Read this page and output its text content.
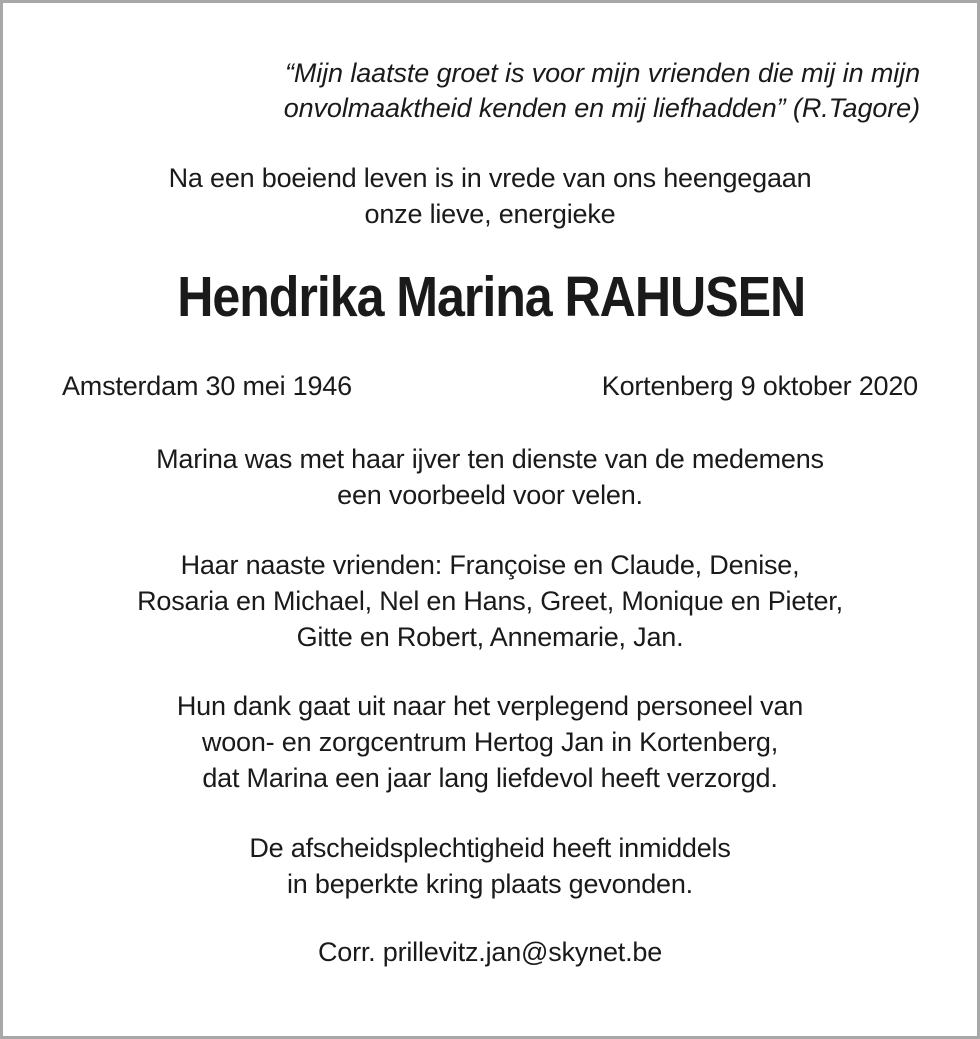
“Mijn laatste groet is voor mijn vrienden die mij in mijn
onvolmaaktheid kenden en mij liefhadden” (R.Tagore)
Na een boeiend leven is in vrede van ons heengegaan
onze lieve, energieke
Hendrika Marina RAHUSEN
Amsterdam 30 mei 1946	Kortenberg 9 oktober 2020
Marina was met haar ijver ten dienste van de medemens
een voorbeeld voor velen.
Haar naaste vrienden: Françoise en Claude, Denise,
Rosaria en Michael, Nel en Hans, Greet, Monique en Pieter,
Gitte en Robert, Annemarie, Jan.
Hun dank gaat uit naar het verplegend personeel van
woon- en zorgcentrum Hertog Jan in Kortenberg,
dat Marina een jaar lang liefdevol heeft verzorgd.
De afscheidsplechtigheid heeft inmiddels
in beperkte kring plaats gevonden.
Corr. prillevitz.jan@skynet.be
